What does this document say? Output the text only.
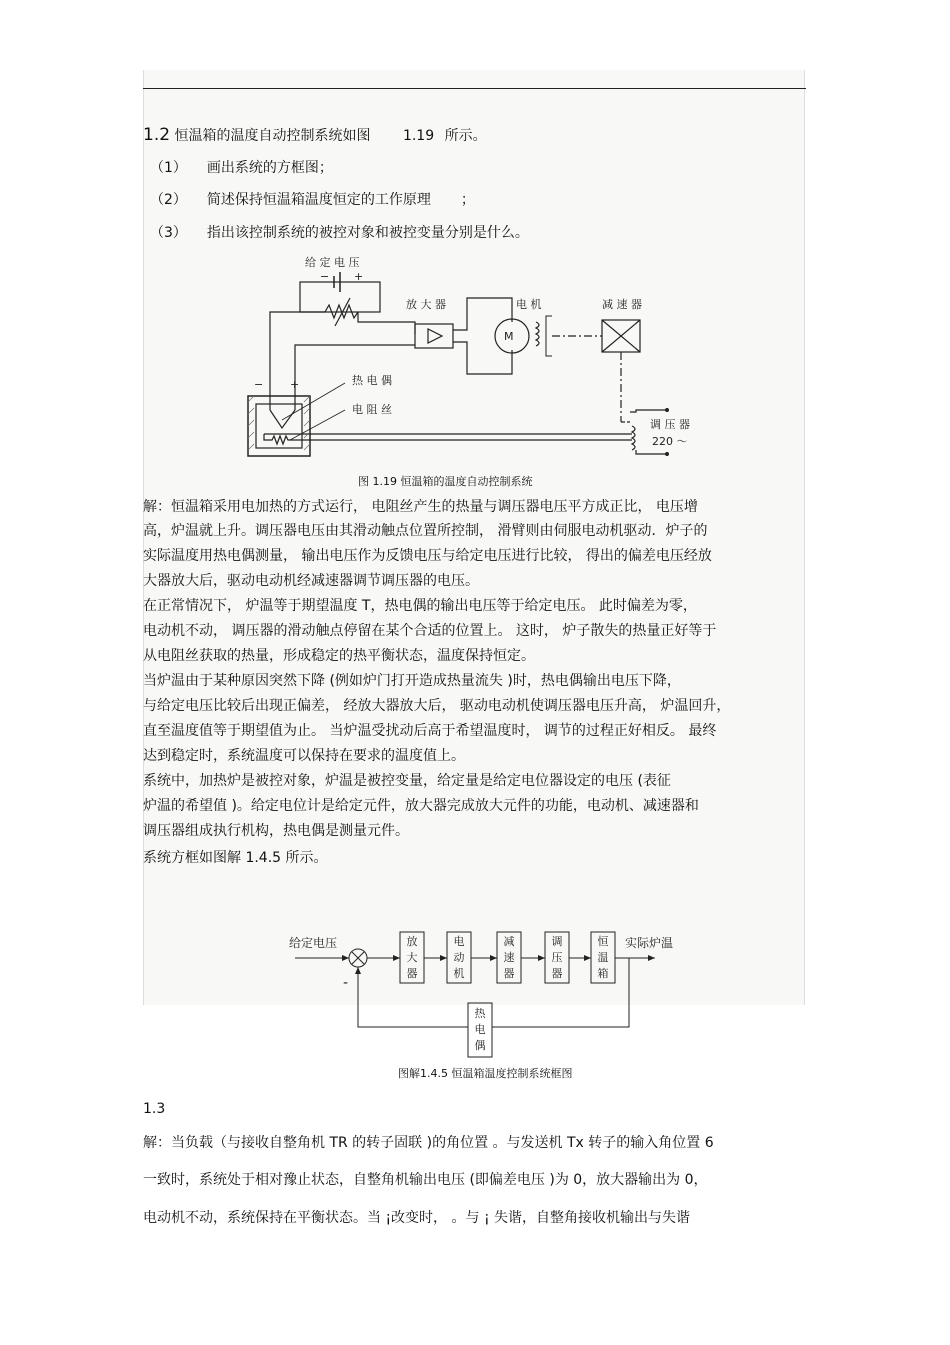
1.2 恒温箱的温度自动控制系统如图 1.19 所示。
（1） 画出系统的方框图；
（2） 简述保持恒温箱温度恒定的工作原理 ；
（3） 指出该控制系统的被控对象和被控变量分别是什么。
给 定 电 压
− +
放 大 器	电 机
M
减 速 器
− +	热 电 偶
电 阻 丝
调 压 器
220 ～
图 1.19 恒温箱的温度自动控制系统
解：恒温箱采用电加热的方式运行， 电阻丝产生的热量与调压器电压平方成正比， 电压增
高，炉温就上升。调压器电压由其滑动触点位置所控制， 滑臂则由伺服电动机驱动．炉子的
实际温度用热电偶测量， 输出电压作为反馈电压与给定电压进行比较， 得出的偏差电压经放
大器放大后，驱动电动机经减速器调节调压器的电压。
在正常情况下， 炉温等于期望温度 T，热电偶的输出电压等于给定电压。 此时偏差为零，
电动机不动， 调压器的滑动触点停留在某个合适的位置上。 这时， 炉子散失的热量正好等于
从电阻丝获取的热量，形成稳定的热平衡状态，温度保持恒定。
当炉温由于某种原因突然下降 (例如炉门打开造成热量流失 )时，热电偶输出电压下降，
与给定电压比较后出现正偏差， 经放大器放大后， 驱动电动机使调压器电压升高， 炉温回升，
直至温度值等于期望值为止。 当炉温受扰动后高于希望温度时， 调节的过程正好相反。 最终
达到稳定时，系统温度可以保持在要求的温度值上。
系统中，加热炉是被控对象，炉温是被控变量，给定量是给定电位器设定的电压 (表征
炉温的希望值 )。给定电位计是给定元件，放大器完成放大元件的功能，电动机、减速器和
调压器组成执行机构，热电偶是测量元件。
系统方框如图解 1.4.5 所示。
给定电压	实际炉温
-
放大器
电动机
减速器
调压器
恒温箱
热电偶
图解1.4.5 恒温箱温度控制系统框图
1.3
解：当负载（与接收自整角机 TR 的转子固联 )的角位置 。与发送机 Tx 转子的输入角位置 6
一致时，系统处于相对豫止状态，自整角机输出电压 (即偏差电压 )为 0，放大器输出为 0，
电动机不动，系统保持在平衡状态。当 ¡改变时， 。与 ¡ 失谐，自整角接收机输出与失谐
